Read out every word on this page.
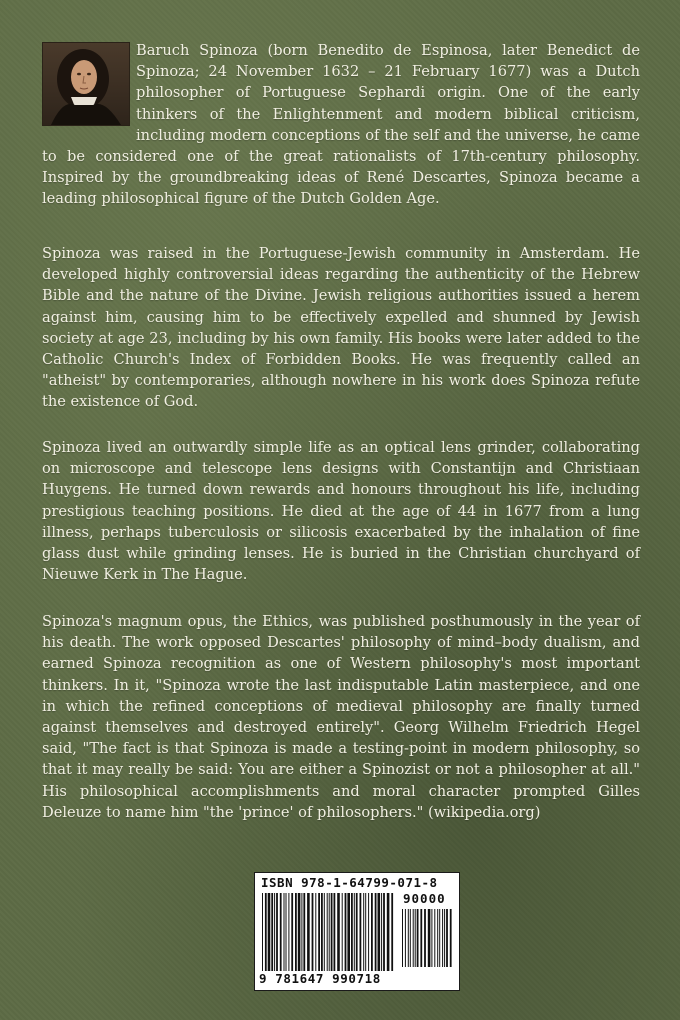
Baruch Spinoza (born Benedito de Espinosa, later Benedict de Spinoza; 24 November 1632 – 21 February 1677) was a Dutch philosopher of Portuguese Sephardi origin. One of the early thinkers of the Enlightenment and modern biblical criticism, including modern conceptions of the self and the universe, he came to be considered one of the great rationalists of 17th-century philosophy. Inspired by the groundbreaking ideas of René Descartes, Spinoza became a leading philosophical figure of the Dutch Golden Age.

Spinoza was raised in the Portuguese-Jewish community in Amsterdam. He developed highly controversial ideas regarding the authenticity of the Hebrew Bible and the nature of the Divine. Jewish religious authorities issued a herem against him, causing him to be effectively expelled and shunned by Jewish society at age 23, including by his own family. His books were later added to the Catholic Church's Index of Forbidden Books. He was frequently called an "atheist" by contemporaries, although nowhere in his work does Spinoza refute the existence of God.

Spinoza lived an outwardly simple life as an optical lens grinder, collaborating on microscope and telescope lens designs with Constantijn and Christiaan Huygens. He turned down rewards and honours throughout his life, including prestigious teaching positions. He died at the age of 44 in 1677 from a lung illness, perhaps tuberculosis or silicosis exacerbated by the inhalation of fine glass dust while grinding lenses. He is buried in the Christian churchyard of Nieuwe Kerk in The Hague.

Spinoza's magnum opus, the Ethics, was published posthumously in the year of his death. The work opposed Descartes' philosophy of mind–body dualism, and earned Spinoza recognition as one of Western philosophy's most important thinkers. In it, "Spinoza wrote the last indisputable Latin masterpiece, and one in which the refined conceptions of medieval philosophy are finally turned against themselves and destroyed entirely". Georg Wilhelm Friedrich Hegel said, "The fact is that Spinoza is made a testing-point in modern philosophy, so that it may really be said: You are either a Spinozist or not a philosopher at all." His philosophical accomplishments and moral character prompted Gilles Deleuze to name him "the 'prince' of philosophers." (wikipedia.org)

ISBN 978-1-64799-071-8
90000
9 781647 990718
